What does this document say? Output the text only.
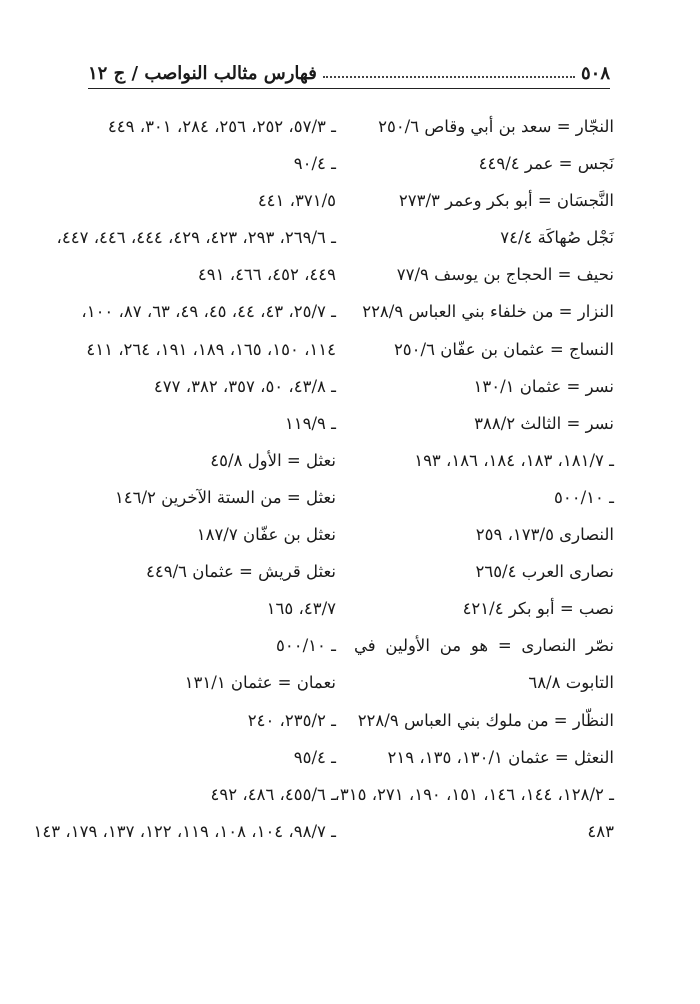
٥٠٨
فهارس مثالب النواصب / ج ١٢
النجّار = سعد بن أبي وقاص ٢٥٠/٦
نَجس = عمر ٤٤٩/٤
النَّجسَان = أبو بكر وعمر ٢٧٣/٣
نَجْل صُهاكَة ٧٤/٤
نحيف = الحجاج بن يوسف ٧٧/٩
النزار = من خلفاء بني العباس ٢٢٨/٩
النساج = عثمان بن عفّان ٢٥٠/٦
نسر = عثمان ١٣٠/١
نسر = الثالث ٣٨٨/٢
ـ ١٨١/٧، ١٨٣، ١٨٤، ١٨٦، ١٩٣
ـ ٥٠٠/١٠
النصارى ١٧٣/٥، ٢٥٩
نصارى العرب ٢٦٥/٤
نصب = أبو بكر ٤٢١/٤
نصّر النصارى = هو من الأولين في
التابوت ٦٨/٨
النظّار = من ملوك بني العباس ٢٢٨/٩
النعثل = عثمان ١٣٠/١، ١٣٥، ٢١٩
ـ ١٢٨/٢، ١٤٤، ١٤٦، ١٥١، ١٩٠، ٢٧١، ٣١٥،
٤٨٣
ـ ٥٧/٣، ٢٥٢، ٢٥٦، ٢٨٤، ٣٠١، ٤٤٩
ـ ٩٠/٤
٣٧١/٥، ٤٤١
ـ ٢٦٩/٦، ٢٩٣، ٤٢٣، ٤٢٩، ٤٤٤، ٤٤٦، ٤٤٧،
٤٤٩، ٤٥٢، ٤٦٦، ٤٩١
ـ ٢٥/٧، ٤٣، ٤٤، ٤٥، ٤٩، ٦٣، ٨٧، ١٠٠،
١١٤، ١٥٠، ١٦٥، ١٨٩، ١٩١، ٢٦٤، ٤١١
ـ ٤٣/٨، ٥٠، ٣٥٧، ٣٨٢، ٤٧٧
ـ ١١٩/٩
نعثل = الأول ٤٥/٨
نعثل = من الستة الآخرين ١٤٦/٢
نعثل بن عفّان ١٨٧/٧
نعثل قريش = عثمان ٤٤٩/٦
٤٣/٧، ١٦٥
ـ ٥٠٠/١٠
نعمان = عثمان ١٣١/١
ـ ٢٣٥/٢، ٢٤٠
ـ ٩٥/٤
ـ ٤٥٥/٦، ٤٨٦، ٤٩٢
ـ ٩٨/٧، ١٠٤، ١٠٨، ١١٩، ١٢٢، ١٣٧، ١٧٩، ١٤٣
